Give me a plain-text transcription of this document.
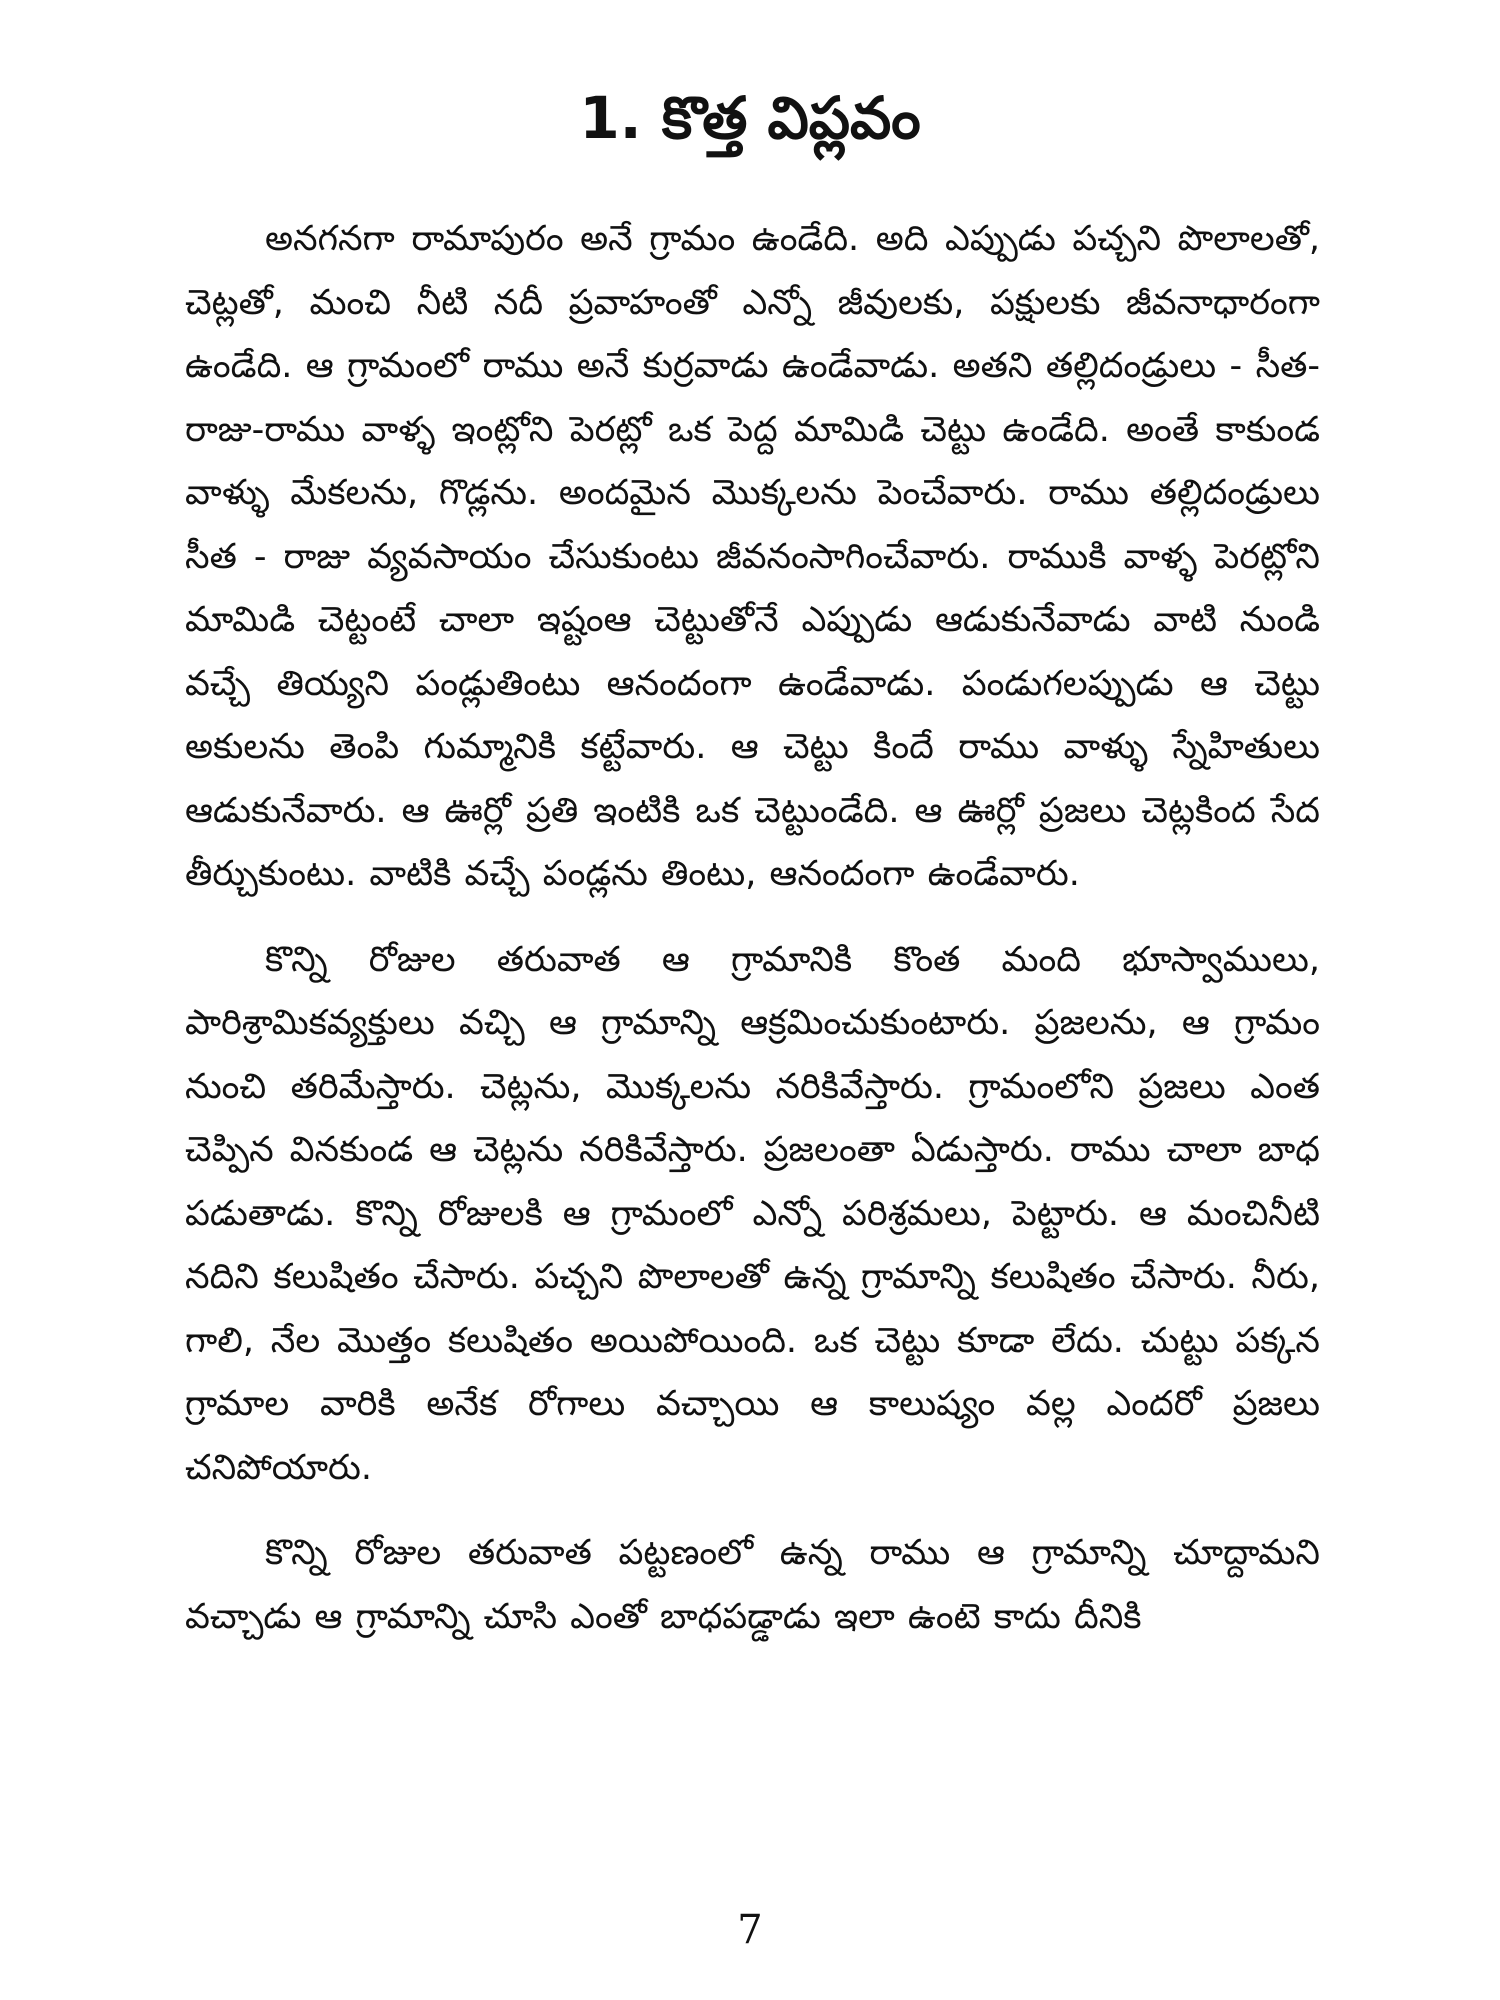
1. కొత్త విప్లవం

అనగనగా రామాపురం అనే గ్రామం ఉండేది. అది ఎప్పుడు పచ్చని పొలాలతో, చెట్లతో, మంచి నీటి నదీ ప్రవాహంతో ఎన్నో జీవులకు, పక్షులకు జీవనాధారంగా ఉండేది. ఆ గ్రామంలో రాము అనే కుర్రవాడు ఉండేవాడు. అతని తల్లిదండ్రులు - సీత-రాజు-రాము వాళ్ళ ఇంట్లోని పెరట్లో ఒక పెద్ద మామిడి చెట్టు ఉండేది. అంతే కాకుండ వాళ్ళు మేకలను, గొడ్లను. అందమైన మొక్కలను పెంచేవారు. రాము తల్లిదండ్రులు సీత - రాజు వ్యవసాయం చేసుకుంటు జీవనంసాగించేవారు. రాముకి వాళ్ళ పెరట్లోని మామిడి చెట్టంటే చాలా ఇష్టంఆ చెట్టుతోనే ఎప్పుడు ఆడుకునేవాడు వాటి నుండి వచ్చే తియ్యని పండ్లుతింటు ఆనందంగా ఉండేవాడు. పండుగలప్పుడు ఆ చెట్టు అకులను తెంపి గుమ్మానికి కట్టేవారు. ఆ చెట్టు కిందే రాము వాళ్ళు స్నేహితులు ఆడుకునేవారు. ఆ ఊర్లో ప్రతి ఇంటికి ఒక చెట్టుండేది. ఆ ఊర్లో ప్రజలు చెట్లకింద సేద తీర్చుకుంటు. వాటికి వచ్చే పండ్లను తింటు, ఆనందంగా ఉండేవారు.

కొన్ని రోజుల తరువాత ఆ గ్రామానికి కొంత మంది భూస్వాములు, పారిశ్రామికవ్యక్తులు వచ్చి ఆ గ్రామాన్ని ఆక్రమించుకుంటారు. ప్రజలను, ఆ గ్రామం నుంచి తరిమేస్తారు. చెట్లను, మొక్కలను నరికివేస్తారు. గ్రామంలోని ప్రజలు ఎంత చెప్పిన వినకుండ ఆ చెట్లను నరికివేస్తారు. ప్రజలంతా ఏడుస్తారు. రాము చాలా బాధ పడుతాడు. కొన్ని రోజులకి ఆ గ్రామంలో ఎన్నో పరిశ్రమలు, పెట్టారు. ఆ మంచినీటి నదిని కలుషితం చేసారు. పచ్చని పొలాలతో ఉన్న గ్రామాన్ని కలుషితం చేసారు. నీరు, గాలి, నేల మొత్తం కలుషితం అయిపోయింది. ఒక చెట్టు కూడా లేదు. చుట్టు పక్కన గ్రామాల వారికి అనేక రోగాలు వచ్చాయి ఆ కాలుష్యం వల్ల ఎందరో ప్రజలు చనిపోయారు.

కొన్ని రోజుల తరువాత పట్టణంలో ఉన్న రాము ఆ గ్రామాన్ని చూద్దామని వచ్చాడు ఆ గ్రామాన్ని చూసి ఎంతో బాధపడ్డాడు ఇలా ఉంటె కాదు దీనికి

7
